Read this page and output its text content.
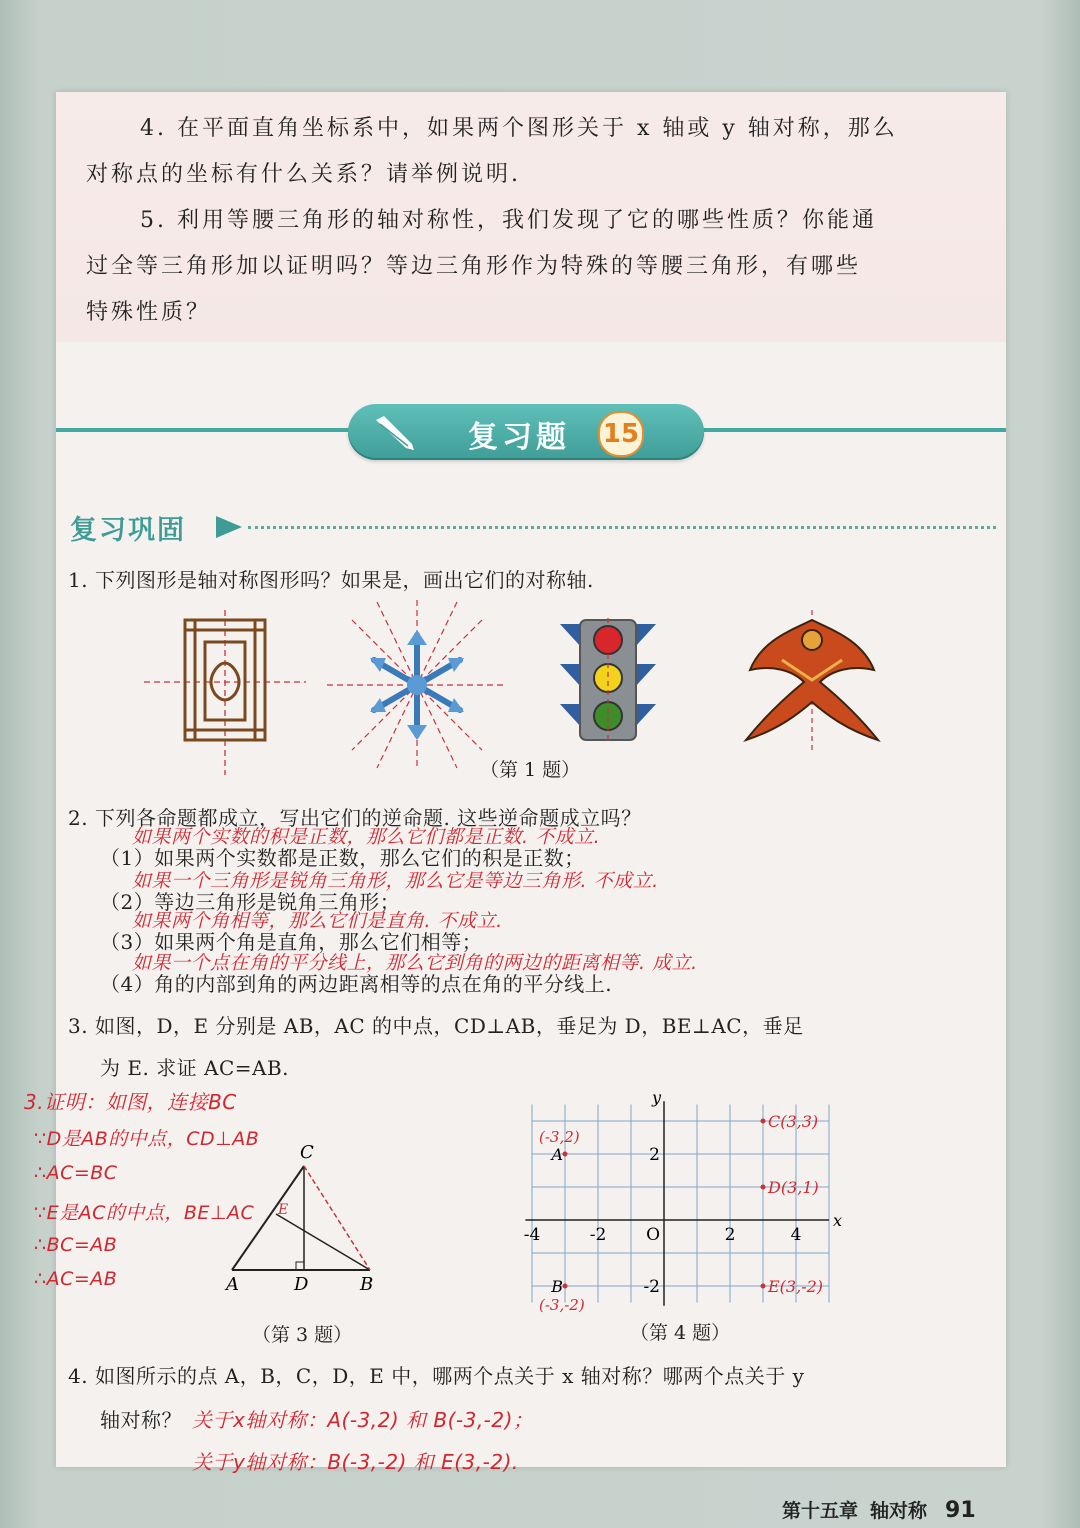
4. 在平面直角坐标系中，如果两个图形关于 x 轴或 y 轴对称，那么
对称点的坐标有什么关系？请举例说明.
5. 利用等腰三角形的轴对称性，我们发现了它的哪些性质？你能通
过全等三角形加以证明吗？等边三角形作为特殊的等腰三角形，有哪些
特殊性质？
复习题 15
复习巩固
1. 下列图形是轴对称图形吗？如果是，画出它们的对称轴.
（第 1 题）
2. 下列各命题都成立，写出它们的逆命题. 这些逆命题成立吗？
如果两个实数的积是正数，那么它们都是正数. 不成立.
（1）如果两个实数都是正数，那么它们的积是正数；
如果一个三角形是锐角三角形，那么它是等边三角形. 不成立.
（2）等边三角形是锐角三角形；
如果两个角相等，那么它们是直角. 不成立.
（3）如果两个角是直角，那么它们相等；
如果一个点在角的平分线上，那么它到角的两边的距离相等. 成立.
（4）角的内部到角的两边距离相等的点在角的平分线上.
3. 如图，D，E 分别是 AB，AC 的中点，CD⊥AB，垂足为 D，BE⊥AC，垂足
为 E. 求证 AC=AB.
3.证明：如图，连接BC
∵D是AB的中点，CD⊥AB
∴AC=BC
∵E是AC的中点，BE⊥AC
∴BC=AB
∴AC=AB
C
A	D	B
E
（第 3 题）
x
y
O
-4	-2	2	4
2
-2
A
(-3,2)
B
(-3,-2)
C(3,3)
D(3,1)
E(3,-2)
（第 4 题）
4. 如图所示的点 A，B，C，D，E 中，哪两个点关于 x 轴对称？哪两个点关于 y
轴对称？ 关于x轴对称：A(-3,2) 和 B(-3,-2)；
关于y轴对称：B(-3,-2) 和 E(3,-2).
第十五章 轴对称 91
